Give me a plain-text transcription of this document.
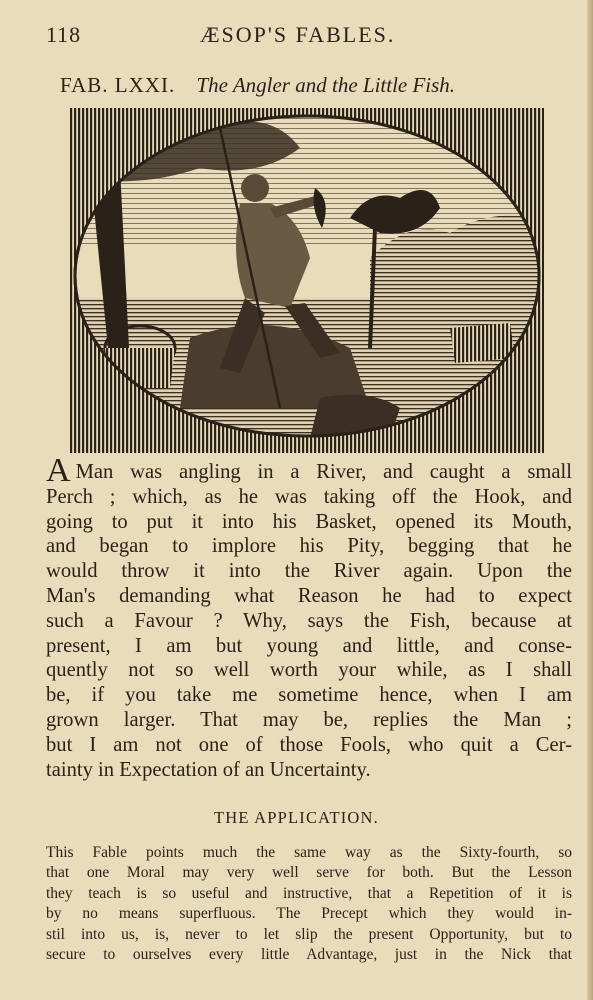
118	ÆSOP'S FABLES.
FAB. LXXI. The Angler and the Little Fish.
A Man was angling in a River, and caught a small
Perch ; which, as he was taking off the Hook, and
going to put it into his Basket, opened its Mouth,
and began to implore his Pity, begging that he
would throw it into the River again. Upon the
Man's demanding what Reason he had to expect
such a Favour ? Why, says the Fish, because at
present, I am but young and little, and conse-
quently not so well worth your while, as I shall
be, if you take me sometime hence, when I am
grown larger. That may be, replies the Man ;
but I am not one of those Fools, who quit a Cer-
tainty in Expectation of an Uncertainty.
THE APPLICATION.
This Fable points much the same way as the Sixty-fourth, so
that one Moral may very well serve for both. But the Lesson
they teach is so useful and instructive, that a Repetition of it is
by no means superfluous. The Precept which they would in-
stil into us, is, never to let slip the present Opportunity, but to
secure to ourselves every little Advantage, just in the Nick that
